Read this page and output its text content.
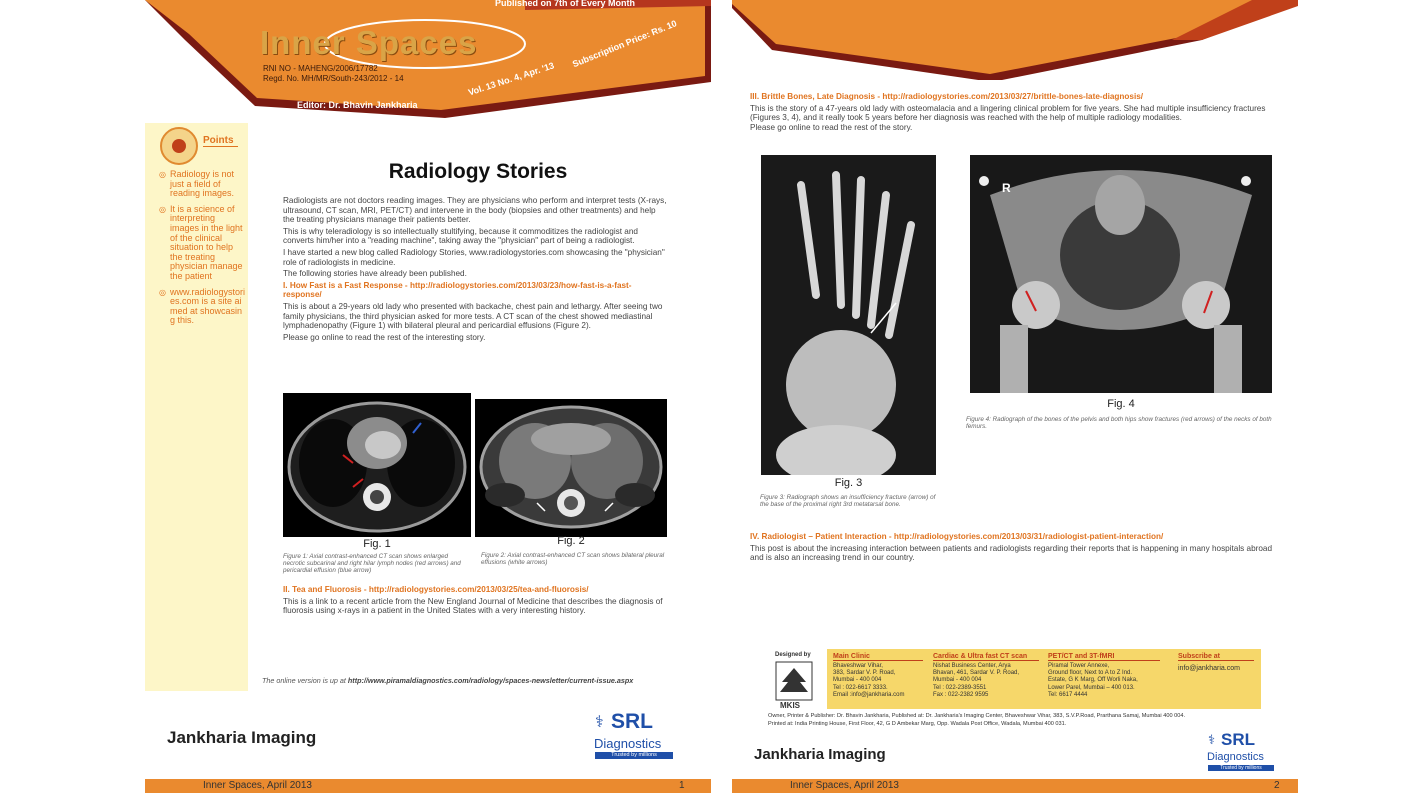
Published on 7th of Every Month
Inner Spaces
RNI NO - MAHENG/2006/17782
Regd. No. MH/MR/South-243/2012 - 14
Editor: Dr. Bhavin Jankharia
Vol. 13 No. 4, Apr. '13
Subscription Price: Rs. 10
Points
◎ Radiology is not just a field of reading images.
◎ It is a science of interpreting images in the light of the clinical situation to help the treating physician manage the patient
◎ www.radiologystories.com is a site aimed at showcasing this.
Radiology Stories

Radiologists are not doctors reading images. They are physicians who perform and interpret tests (X-rays, ultrasound, CT scan, MRI, PET/CT) and intervene in the body (biopsies and other treatments) and help the treating physicians manage their patients better.

This is why teleradiology is so intellectually stultifying, because it commoditizes the radiologist and converts him/her into a "reading machine", taking away the "physician" part of being a radiologist.

I have started a new blog called Radiology Stories, www.radiologystories.com showcasing the "physician" role of radiologists in medicine.

The following stories have already been published.

I. How Fast is a Fast Response - http://radiologystories.com/2013/03/23/how-fast-is-a-fast-response/

This is about a 29-years old lady who presented with backache, chest pain and lethargy. After seeing two family physicians, the third physician asked for more tests. A CT scan of the chest showed mediastinal lymphadenopathy (Figure 1) with bilateral pleural and pericardial effusions (Figure 2).

Please go online to read the rest of the interesting story.

Fig. 1
Figure 1: Axial contrast-enhanced CT scan shows enlarged necrotic subcarinal and right hilar lymph nodes (red arrows) and pericardial effusion (blue arrow)
Fig. 2
Figure 2: Axial contrast-enhanced CT scan shows bilateral pleural effusions (white arrows)

II. Tea and Fluorosis - http://radiologystories.com/2013/03/25/tea-and-fluorosis/

This is a link to a recent article from the New England Journal of Medicine that describes the diagnosis of fluorosis using x-rays in a patient in the United States with a very interesting history.

The online version is up at http://www.piramaldiagnostics.com/radiology/spaces-newsletter/current-issue.aspx
Jankharia Imaging
⚕ SRL
Diagnostics
Trusted by millions
Inner Spaces, April 2013	1

III. Brittle Bones, Late Diagnosis - http://radiologystories.com/2013/03/27/brittle-bones-late-diagnosis/

This is the story of a 47-years old lady with osteomalacia and a lingering clinical problem for five years. She had multiple insufficiency fractures (Figures 3, 4), and it really took 5 years before her diagnosis was reached with the help of multiple radiology modalities.

Please go online to read the rest of the story.

Fig. 3
Figure 3: Radiograph shows an insufficiency fracture (arrow) of the base of the proximal right 3rd metatarsal bone.
R
Fig. 4
Figure 4: Radiograph of the bones of the pelvis and both hips show fractures (red arrows) of the necks of both femurs.

IV. Radiologist – Patient Interaction - http://radiologystories.com/2013/03/31/radiologist-patient-interaction/

This post is about the increasing interaction between patients and radiologists regarding their reports that is happening in many hospitals abroad and is also an increasing trend in our country.

Designed by
MKIS
Main Clinic
Bhaveshwar Vihar,
383, Sardar V. P. Road,
Mumbai - 400 004
Tel : 022-6617 3333.
Email :info@jankharia.com
Cardiac & Ultra fast CT scan
Nishat Business Center, Arya
Bhavan, 461, Sardar V. P. Road,
Mumbai - 400 004
Tel : 022-2389-3551
Fax : 022-2382 9595
PET/CT and 3T-fMRI
Piramal Tower Annexe,
Ground floor, Next to A to Z Ind.
Estate, G K Marg, Off Worli Naka,
Lower Parel, Mumbai – 400 013.
Tel: 6617 4444
Subscribe at
info@jankharia.com
Owner, Printer & Publisher: Dr. Bhavin Jankharia, Published at: Dr. Jankharia's Imaging Center, Bhaveshwar Vihar, 383, S.V.P.Road, Prarthana Samaj, Mumbai 400 004.
Printed at: India Printing House, First Floor, 42, G D Ambekar Marg, Opp. Wadala Post Office, Wadala, Mumbai 400 031.
Jankharia Imaging
⚕ SRL
Diagnostics
Trusted by millions
Inner Spaces, April 2013	2
